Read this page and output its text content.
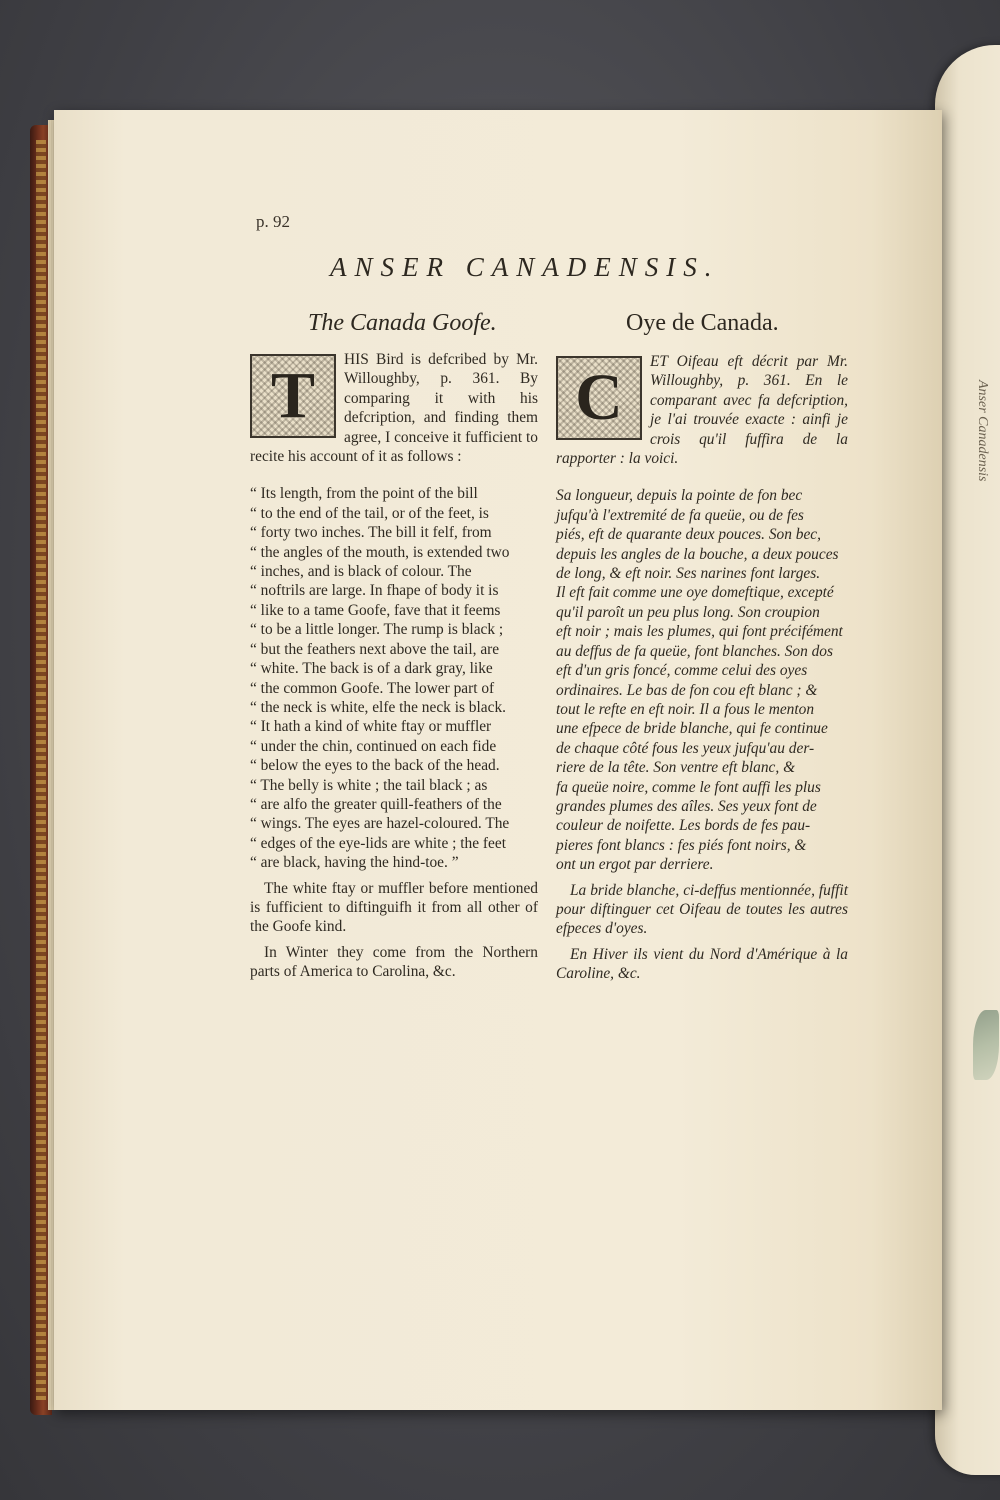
Anser Canadensis
p. 92
ANSER CANADENSIS.
The Canada Goofe.	Oye de Canada.
T	HIS Bird is defcribed by Mr. Willoughby, p. 361. By comparing it with his defcription, and finding them agree, I conceive it fufficient to recite his account of it as follows :

“ Its length, from the point of the bill
“ to the end of the tail, or of the feet, is
“ forty two inches. The bill it felf, from
“ the angles of the mouth, is extended two
“ inches, and is black of colour. The
“ noftrils are large. In fhape of body it is
“ like to a tame Goofe, fave that it feems
“ to be a little longer. The rump is black ;
“ but the feathers next above the tail, are
“ white. The back is of a dark gray, like
“ the common Goofe. The lower part of
“ the neck is white, elfe the neck is black.
“ It hath a kind of white ftay or muffler
“ under the chin, continued on each fide
“ below the eyes to the back of the head.
“ The belly is white ; the tail black ; as
“ are alfo the greater quill-feathers of the
“ wings. The eyes are hazel-coloured. The
“ edges of the eye-lids are white ; the feet
“ are black, having the hind-toe. ”

The white ftay or muffler before mentioned is fufficient to diftinguifh it from all other of the Goofe kind.

In Winter they come from the Northern parts of America to Carolina, &c.

C	ET Oifeau eft décrit par Mr. Willoughby, p. 361. En le comparant avec fa defcription, je l'ai trouvée exacte : ainfi je crois qu'il fuffira de la rapporter : la voici.

Sa longueur, depuis la pointe de fon bec
jufqu'à l'extremité de fa queüe, ou de fes
piés, eft de quarante deux pouces. Son bec,
depuis les angles de la bouche, a deux pouces
de long, & eft noir. Ses narines font larges.
Il eft fait comme une oye domeftique, excepté
qu'il paroît un peu plus long. Son croupion
eft noir ; mais les plumes, qui font précifément
au deffus de fa queüe, font blanches. Son dos
eft d'un gris foncé, comme celui des oyes
ordinaires. Le bas de fon cou eft blanc ; &
tout le refte en eft noir. Il a fous le menton
une efpece de bride blanche, qui fe continue
de chaque côté fous les yeux jufqu'au der-
riere de la tête. Son ventre eft blanc, &
fa queüe noire, comme le font auffi les plus
grandes plumes des aîles. Ses yeux font de
couleur de noifette. Les bords de fes pau-
pieres font blancs : fes piés font noirs, &
ont un ergot par derriere.

La bride blanche, ci-deffus mentionnée, fuffit pour diftinguer cet Oifeau de toutes les autres efpeces d'oyes.

En Hiver ils vient du Nord d'Amérique à la Caroline, &c.
